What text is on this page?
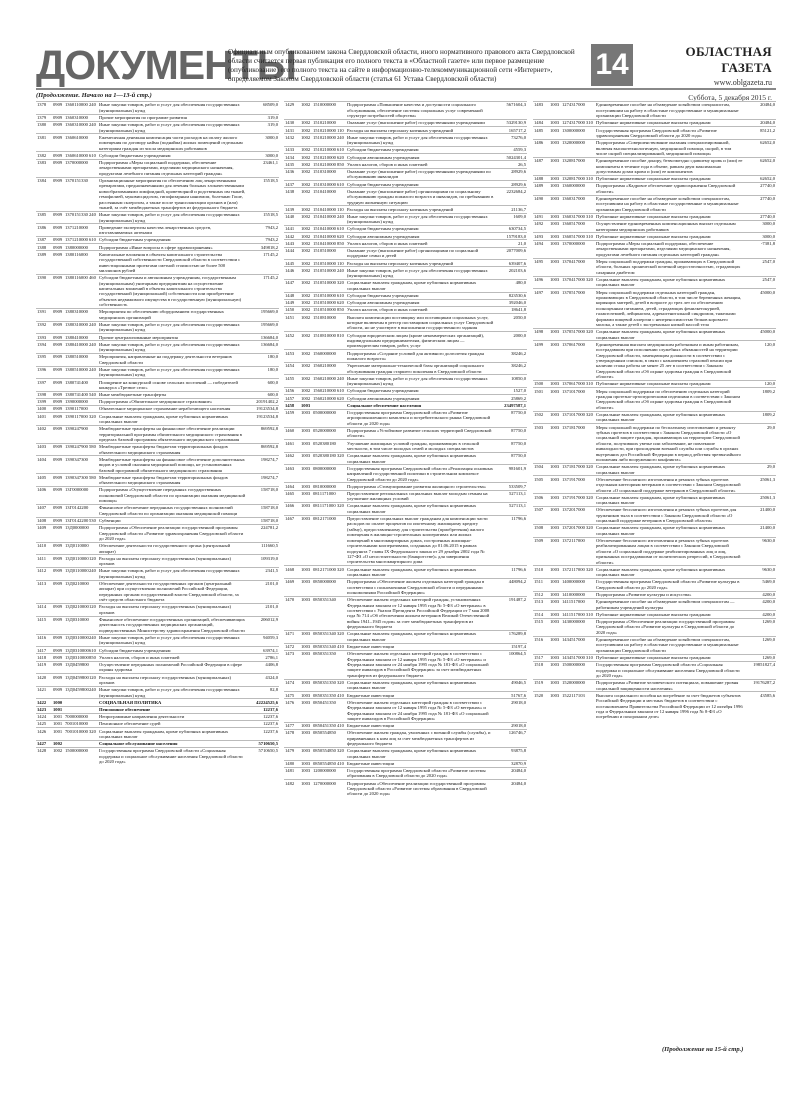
ДОКУМЕНТЫ
Официальным опубликованием закона Свердловской области, иного нормативного правового акта Свердловской области считается первая публикация его полного текста в «Областной газете» или первое размещение (опубликование) его полного текста на сайте в информационно-телекоммуникационной сети «Интернет», определяемом Законом Свердловской области (статья 61 Устава Свердловской области)	14	ОБЛАСТНАЯ ГАЗЕТА
www.oblgazeta.ru
Суббота, 5 декабря 2015 г.
(Продолжение. Начало на 1—13-й стр.)
1378	0909 1360110000 240 Иные закупки товаров, работ и услуг для обеспечения государственных (муниципальных) нужд
68509,0
1379	0909 1360310000 Прочие мероприятия по программе развития	319,0
1380	0909 1360310000 240 Иные закупки товаров, работ и услуг для обеспечения государственных (муниципальных) нужд
319,0
1381	0909 1360610000 Ежемесячная денежная компенсация части расходов на оплату жилого помещения по договору найма (поднайма) жилых помещений отдельным категориям граждан из числа медицинских работников
3000,0
1382	0909 1360610000 610 Субсидии бюджетным учреждениям	3000,0
1383	0909 1370000000 Подпрограмма «Меры социальной поддержки, обеспечение лекарственными препаратами, изделиями медицинского назначения, продуктами лечебного питания отдельных категорий граждан»
23461,1
1384	0909 1370151330 Организационные мероприятия по обеспечению лиц лекарственными препаратами, предназначенными для лечения больных злокачественными новообразованиями лимфоидной, кроветворной и родственных им тканей, гемофилией, муковисцидозом, гипофизарным нанизмом, болезнью Гоше, рассеянным склерозом, а также после трансплантации органов и (или) тканей, за счёт межбюджетных трансфертов из федерального бюджета
15518,5
1385	0909 1370151330 240 Иные закупки товаров, работ и услуг для обеспечения государственных (муниципальных) нужд
15518,5
1386	0909 1371210000 Проведение экспертизы качества лекарственных средств, изготавливаемых аптеками
7943,2
1387	0909 1371210000 610 Субсидии бюджетным учреждениям	7943,2
1388	0909 1380000000 Подпрограмма «Иные вопросы в сфере здравоохранения»	349818,2
1389	0909 1380116000 Капитальные вложения в объекты капитального строительства государственной собственности Свердловской области в соответствии с инвестиционными проектами сметной стоимостью не более 500 миллионов рублей
17145,2
1390	0909 1380116000 460 Субсидии бюджетным и автономным учреждениям, государственным (муниципальным) унитарным предприятиям на осуществление капитальных вложений в объекты капитального строительства государственной (муниципальной) собственности или приобретение объектов недвижимого имущества в государственную (муниципальную) собственность
17145,2
1391	0909 1380310000 Мероприятия по обеспечению оборудованием государственных медицинских организаций
195669,0
1392	0909 1380310000 240 Иные закупки товаров, работ и услуг для обеспечения государственных (муниципальных) нужд
195669,0
1393	0909 1380410000 Прочие централизованные мероприятия	136684,0
1394	0909 1380410000 240 Иные закупки товаров, работ и услуг для обеспечения государственных (муниципальных) нужд
136684,0
1395	0909 1380510000 Мероприятия, направленные на поддержку деятельности ветеранов Свердловской области
180,0
1396	0909 1380510000 240 Иные закупки товаров, работ и услуг для обеспечения государственных (муниципальных) нужд
180,0
1397	0909 1380741400 Поощрение на конкурсной основе сельских поселений — победителей конкурса «Трезвое село»
600,0
1398	0909 1380741400 540 Иные межбюджетные трансферты	600,0
1399	0909 1390000000 Подпрограмма «Обязательное медицинское страхование»	20191402,2
1400	0909 1390117000 Обязательное медицинское страхование неработающего населения	19123534,8
1401	0909 1390117000 320 Социальные выплаты гражданам, кроме публичных нормативных социальных выплат
19123534,8
1402	0909 1390247900 Межбюджетные трансферты на финансовое обеспечение реализации территориальной программы обязательного медицинского страхования в пределах базовой программы обязательного медицинского страхования
869592,8
1403	0909 1390247900 580 Межбюджетные трансферты бюджетам территориальных фондов обязательного медицинского страхования
869592,8
1404	0909 1390347300 Межбюджетные трансферты на финансовое обеспечение дополнительных видов и условий оказания медицинской помощи, не установленных базовой программой обязательного медицинского страхования
198274,7
1405	0909 1390347300 580 Межбюджетные трансферты бюджетам территориальных фондов обязательного медицинского страхования
198274,7
1406	0909 13Г0000000 Подпрограмма «Осуществление переданных государственных полномочий Свердловской области по организации оказания медицинской помощи»
158718,0
1407	0909 13Г0142200 Финансовое обеспечение переданных государственных полномочий Свердловской области по организации оказания медицинской помощи
158718,0
1408	0909 13Г0142200 530 Субвенции	158718,0
1409	0909 13Д0000000 Подпрограмма «Обеспечение реализации государственной программы Свердловской области «Развитие здравоохранения Свердловской области до 2020 года»
224781,2
1410	0909 13Д0110000 Обеспечение деятельности государственного органа (центральный аппарат)
111660,5
1411	0909 13Д0110000 120 Расходы на выплаты персоналу государственных (муниципальных) органов
109319,0
1412	0909 13Д0110000 240 Иные закупки товаров, работ и услуг для обеспечения государственных (муниципальных) нужд
2341,5
1413	0909 13Д0210000 Обеспечение деятельности государственных органов (центральный аппарат) при осуществлении полномочий Российской Федерации, переданных органам государственной власти Свердловской области, за счёт средств областного бюджета
2101,0
1414	0909 13Д0210000 120 Расходы на выплаты персоналу государственных (муниципальных) органов
2101,0
1415	0909 13Д0310000 Финансовое обеспечение государственных организаций, обеспечивающих деятельность государственных медицинских организаций, подведомственных Министерству здравоохранения Свердловской области
206012,9
1416	0909 13Д0310000 240 Иные закупки товаров, работ и услуг для обеспечения государственных (муниципальных) нужд
94059,3
1417	0909 13Д0310000 610 Субсидии бюджетным учреждениям	63974,1
1418	0909 13Д0310000 850 Уплата налогов, сборов и иных платежей	2786,1
1419	0909 13Д0459800 Осуществление переданных полномочий Российской Федерации в сфере охраны здоровья
4406,8
1420	0909 13Д0459800 120 Расходы на выплаты персоналу государственных (муниципальных) органов
4324,0
1421	0909 13Д0459800 240 Иные закупки товаров, работ и услуг для обеспечения государственных (муниципальных) нужд
82,8
1422	1000	СОЦИАЛЬНАЯ ПОЛИТИКА	42224525,6
1423	1001	Пенсионное обеспечение	12237,6
1424	1001 7000000000 Непрограммные направления деятельности	12237,6
1425	1001 7001010000 Пенсионное обеспечение судей	12237,6
1426	1001 7001010000 320 Социальные выплаты гражданам, кроме публичных нормативных социальных выплат
12237,6
1427	1002	Социальное обслуживание населения	5710650,5
1428	1002 1500000000 Государственная программа Свердловской области «Социальная поддержка и социальное обслуживание населения Свердловской области до 2020 года»
5710650,5
1429	1002 1510000000 Подпрограмма «Повышение качества и доступности социального обслуживания, обеспечение системы социальных услуг современной структуре потребностей общества»
5671604,3
1430	1002 1510210000 Оказание услуг (выполнение работ) государственными учреждениями	5329130,9
1431	1002 1510210000 110 Расходы на выплаты персоналу казенных учреждений	165717,2
1432	1002 1510210000 240 Иные закупки товаров, работ и услуг для обеспечения государственных (муниципальных) нужд
73276,0
1433	1002 1510210000 610 Субсидии бюджетным учреждениям	4559,3
1434	1002 1510210000 620 Субсидии автономным учреждениям	5024301,4
1435	1002 1510210000 850 Уплата налогов, сборов и иных платежей	26,5
1436	1002 1510310000 Оказание услуг (выполнение работ) государственными учреждениями по обслуживанию инвалидов
28929,6
1437	1002 1510310000 610 Субсидии бюджетным учреждениям	28929,6
1438	1002 1510410000 Оказание услуг (выполнение работ) организациями по социальному обслуживанию граждан пожилого возраста и инвалидов, по пребыванию в трудную жизненную ситуацию
2232684,2
1439	1002 1510410000 110 Расходы на выплаты персоналу казенных учреждений	21136,7
1440	1002 1510410000 240 Иные закупки товаров, работ и услуг для обеспечения государственных (муниципальных) нужд
1609,0
1441	1002 1510410000 610 Субсидии бюджетным учреждениям	630734,5
1442	1002 1510410000 620 Субсидии автономным учреждениям	1579183,0
1443	1002 1510410000 850 Уплата налогов, сборов и иных платежей	21,0
1444	1002 1510510000 Оказание услуг (выполнение работ) организациями по социальной поддержке семьи и детей
2077009,6
1445	1002 1510510000 110 Расходы на выплаты персоналу казенных учреждений	639407,6
1446	1002 1510510000 240 Иные закупки товаров, работ и услуг для обеспечения государственных (муниципальных) нужд
202103,6
1447	1002 1510510000 320 Социальные выплаты гражданам, кроме публичных нормативных социальных выплат
480,0
1448	1002 1510510000 610 Субсидии бюджетным учреждениям	823530,6
1449	1002 1510510000 620 Субсидии автономным учреждениям	392046,0
1450	1002 1510510000 850 Уплата налогов, сборов и иных платежей	18641,8
1451	1002 1510810000 Выплата компенсации поставщику или поставщикам социальных услуг, которые включены в реестр поставщиков социальных услуг Свердловской области, но не участвуют в выполнении государственного задания
2050,0
1452	1002 1510810000 810 Субсидии юридическим лицам (кроме некоммерческих организаций), индивидуальным предпринимателям, физическим лицам — производителям товаров, работ, услуг
2000,0
1453	1002 1560000000 Подпрограмма «Создание условий для активного долголетия граждан пожилого возраста»
38246,2
1454	1002 1560210000 Укрепление материально-технической базы организаций социального обслуживания граждан старшего поколения в Свердловской области
38246,2
1455	1002 1560210000 240 Иные закупки товаров, работ и услуг для обеспечения государственных (муниципальных) нужд
10850,0
1456	1002 1560210000 610 Субсидии бюджетным учреждениям	1527,0
1457	1002 1560210000 620 Субсидии автономным учреждениям	25869,2
1458	1003	Социальное обеспечение населения	23497587,1
1459	1003 0500000000 Государственная программа Свердловской области «Развитие агропромышленного комплекса и потребительского рынка Свердловской области до 2020 года»
87750,0
1460	1003 0520000000 Подпрограмма «Устойчивое развитие сельских территорий Свердловской области»
87750,0
1461	1003 0520380180 Улучшение жилищных условий граждан, проживающих в сельской местности, в том числе молодых семей и молодых специалистов
87750,0
1462	1003 0520380180 320 Социальные выплаты гражданам, кроме публичных нормативных социальных выплат
87750,0
1463	1003 0800000000 Государственная программа Свердловской области «Реализация основных направлений государственной политики в строительном комплексе Свердловской области до 2020 года»
981601,9
1464	1003 0810000000 Подпрограмма «Стимулирование развития жилищного строительства»	533509,7
1465	1003 0811171000 Предоставление региональных социальных выплат молодым семьям на улучшение жилищных условий
527113,1
1466	1003 0811171000 320 Социальные выплаты гражданам, кроме публичных нормативных социальных выплат
527113,1
1467	1003 0812171000 Предоставление социальных выплат гражданам для компенсации части расходов по оплате процентов по ипотечному жилищному кредиту (займу), предоставленному для строительства (приобретения) жилого помещения в жилищно-строительных кооперативах или жилых помещений в многоквартирных домах, построенных жилищно-строительными кооперативами, созданных до 01.06.2015 в рамках подпункта 7 главы IX Федерального закона от 29 декабря 2002 года № 127-ФЗ «О несостоятельности (банкротстве)» для завершения строительства многоквартирного дома
11796,6
1468	1003 0812171000 320 Социальные выплаты гражданам, кроме публичных нормативных социальных выплат
11796,6
1469	1003 0850000000 Подпрограмма «Обеспечение жильем отдельных категорий граждан в соответствии с полномочиями Свердловской области и переданными полномочиями Российской Федерации»
448094,2
1470	1003 0850351340 Обеспечение жильем отдельных категорий граждан, установленных Федеральным законом от 12 января 1995 года № 5-ФЗ «О ветеранах» в соответствии с Указом Президента Российской Федерации от 7 мая 2008 года № 714 «Об обеспечении жильем ветеранов Великой Отечественной войны 1941–1945 годов» за счет межбюджетных трансфертов из федерального бюджета
191487,2
1471	1003 0850351340 320 Социальные выплаты гражданам, кроме публичных нормативных социальных выплат
176289,8
1472	1003 0850351340 410 Бюджетные инвестиции	15197,4
1473	1003 0850351350 Обеспечение жильем отдельных категорий граждан в соответствии с Федеральным законом от 12 января 1995 года № 5-ФЗ «О ветеранах» и Федеральным законом от 24 ноября 1995 года № 181-ФЗ «О социальной защите инвалидов в Российской Федерации» за счет межбюджетных трансфертов из федерального бюджета
100864,5
1474	1003 0850351350 320 Социальные выплаты гражданам, кроме публичных нормативных социальных выплат
49046,5
1475	1003 0850351350 410 Бюджетные инвестиции	51767,6
1476	1003 0850451350 Обеспечение жильем отдельных категорий граждан в соответствии с Федеральным законом от 12 января 1995 года № 5-ФЗ «О ветеранах» и Федеральным законом от 24 ноября 1995 года № 181-ФЗ «О социальной защите инвалидов в Российской Федерации»
29018,0
1477	1003 0850451350 410 Бюджетные инвестиции	29018,0
1478	1003 0850554850 Обеспечение жильем граждан, уволенных с военной службы (службы), и приравненных к ним лиц за счет межбюджетных трансфертов из федерального бюджета
126746,7
1479	1003 0850554850 320 Социальные выплаты гражданам, кроме публичных нормативных социальных выплат
93875,8
1480	1003 0850554850 410 Бюджетные инвестиции	32870,9
1481	1003 1200000000 Государственная программа Свердловской области «Развитие системы образования в Свердловской области до 2020 года»
20484,0
1482	1003 1270000000 Подпрограмма «Обеспечение реализации государственной программы Свердловской области «Развитие системы образования в Свердловской области до 2020 года»
20484,0
1483	1003 1274317000 Единовременное пособие на обзаведение хозяйством специалистам, поступившим на работу в областные государственные и муниципальные организации Свердловской области
20484,0
1484	1003 1274317000 310 Публичные нормативные социальные выплаты гражданам	20484,0
1485	1003 1300000000 Государственная программа Свердловской области «Развитие здравоохранения Свердловской области до 2020 года»
85121,2
1486	1003 1320000000 Подпрограмма «Совершенствование оказания специализированной, включая высокотехнологичную, медицинской помощи, скорой, в том числе скорой специализированной, медицинской помощи»
62652,0
1487	1003 1320817000 Единовременное пособие донору, безвозмездно сдавшему кровь и (или) ее компоненты в течение года в объеме, равном двум максимально допустимым дозам крови и (или) ее компонентов
62652,0
1488	1003 1320817000 310 Публичные нормативные социальные выплаты гражданам	62652,0
1489	1003 1360000000 Подпрограмма «Кадровое обеспечение здравоохранения Свердловской области»
27740,0
1490	1003 1360317000 Единовременное пособие на обзаведение хозяйством специалистам, поступившим на работу в областные государственные и муниципальные организации Свердловской области
27740,0
1491	1003 1360317000 310 Публичные нормативные социальные выплаты гражданам	27740,0
1492	1003 1360517000 Осуществление единовременных компенсационных выплат отдельным категориям медицинских работников
3000,0
1493	1003 1360517000 310 Публичные нормативные социальные выплаты гражданам	3000,0
1494	1003 1370000000 Подпрограмма «Меры социальной поддержки, обеспечение лекарственными препаратами, изделиями медицинского назначения, продуктами лечебного питания отдельных категорий граждан»
-7381,8
1495	1003 1370417000 Меры социальной поддержки граждан, проживающих в Свердловской области, больных хронической почечной недостаточностью, страдающих сахарным диабетом
2547,0
1496	1003 1370417000 320 Социальные выплаты гражданам, кроме публичных нормативных социальных выплат
2547,0
1497	1003 1370517000 Меры социальной поддержки отдельных категорий граждан, проживающих в Свердловской области, в том числе беременных женщин, кормящих матерей, детей в возрасте до трех лет по обеспечению полноценным питанием, детей, страдающих фенилкетонурией, галактоземией, лейцинозом, адреногенитальной синдромом, тяжелыми формами пищевой аллергии с непереносимостью белков коровьего молока, а также детей с экстремально низкой массой тела
45000,0
1498	1003 1370517000 320 Социальные выплаты гражданам, кроме публичных нормативных социальных выплат
45000,0
1499	1003 1370617000 Единовременная выплата медицинским работникам и иным работникам, пострадавшим при исполнении служебных обязанностей на территории Свердловской области, замещающим должности в соответствии с утвержденным списком, в связи с назначением страховой пенсии при наличии стажа работы не менее 25 лет в соответствии с Законом Свердловской области «Об охране здоровья граждан в Свердловской области»
120,0
1500	1003 1370617000 310 Публичные нормативные социальные выплаты гражданам	120,0
1501	1003 1371017000 Меры социальной поддержки по обеспечению отдельных категорий граждан протезно-ортопедическими изделиями в соответствии с Законом Свердловской области «Об охране здоровья граждан в Свердловской области»
1809,2
1502	1003 1371017000 320 Социальные выплаты гражданам, кроме публичных нормативных социальных выплат
1809,2
1503	1003 1371817000 Меры социальной поддержки по бесплатному изготовлению и ремонту зубных протезов в соответствии с Законом Свердловской области «О социальной защите граждан, проживающих на территории Свердловской области, получивших увечье или заболевание, не повлекшие инвалидности, при прохождении военной службы или службы в органах внутренних дел Российской Федерации в период действия чрезвычайного положения либо вооруженного конфликта»
29,0
1504	1003 1371817000 320 Социальные выплаты гражданам, кроме публичных нормативных социальных выплат
29,0
1505	1003 1371917000 Обеспечение бесплатного изготовления и ремонта зубных протезов отдельным категориям ветеранов в соответствии с Законом Свердловской области «О социальной поддержке ветеранов в Свердловской области»
25061,3
1506	1003 1371917000 320 Социальные выплаты гражданам, кроме публичных нормативных социальных выплат
25061,3
1507	1003 1372017000 Обеспечение бесплатного изготовления и ремонта зубных протезов для тружеников тыла в соответствии с Законом Свердловской области «О социальной поддержке ветеранов в Свердловской области»
21400,0
1508	1003 1372017000 320 Социальные выплаты гражданам, кроме публичных нормативных социальных выплат
21400,0
1509	1003 1372117000 Обеспечение бесплатного изготовления и ремонта зубных протезов реабилитированным лицам в соответствии с Законом Свердловской области «О социальной поддержке реабилитированных лиц и лиц, признанных пострадавшими от политических репрессий, в Свердловской области»
9630,0
1510	1003 1372117000 320 Социальные выплаты гражданам, кроме публичных нормативных социальных выплат
9630,0
1511	1003 1400000000 Государственная программа Свердловской области «Развитие культуры в Свердловской области до 2020 года»
5469,0
1512	1003 1410000000 Подпрограмма «Развитие культуры и искусства»	4200,0
1513	1003 1411517000 Единовременное пособие на обзаведение хозяйством специалистам — работникам учреждений культуры
4200,0
1514	1003 1411517000 310 Публичные нормативные социальные выплаты гражданам	4200,0
1515	1003 1430000000 Подпрограмма «Обеспечение реализации государственной программы Свердловской области «Развитие культуры в Свердловской области до 2020 года»
1269,0
1516	1003 1434517000 Единовременное пособие на обзаведение хозяйством специалистам, поступившим на работу в областные государственные и муниципальные организации Свердловской области
1269,0
1517	1003 1434517000 310 Публичные нормативные социальные выплаты гражданам	1269,0
1518	1003 1500000000 Государственная программа Свердловской области «Социальная поддержка и социальное обслуживание населения Свердловской области до 2020 года»
19851827,4
1519	1003 1520000000 Подпрограмма «Развитие человеческого потенциала, повышение уровня социальной защищенности населения»
19176287,2
1520	1003 1522117103 Выплата социального пособия на погребение за счет бюджетов субъектов Российской Федерации и местных бюджетов в соответствии с постановлением Правительства Российской Федерации от 12 октября 1996 года и Федеральным законом от 12 января 1996 года № 8-ФЗ «О погребении и похоронном деле»
43585,6
(Продолжение на 15-й стр.)
